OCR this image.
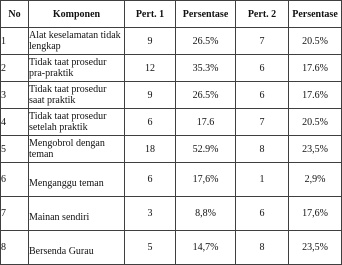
No	Komponen	Pert. 1	Persentase	Pert. 2	Persentase
1	Alat keselamatan tidak lengkap	9	26.5%	7	20.5%
2	Tidak taat prosedur pra-praktik	12	35.3%	6	17.6%
3	Tidak taat prosedur saat praktik	9	26.5%	6	17.6%
4	Tidak taat prosedur setelah praktik	6	17.6	7	20.5%
5	Mengobrol dengan teman	18	52.9%	8	23,5%
6	Menganggu teman	6	17,6%	1	2,9%
7	Mainan sendiri	3	8,8%	6	17,6%
8	Bersenda Gurau	5	14,7%	8	23,5%
